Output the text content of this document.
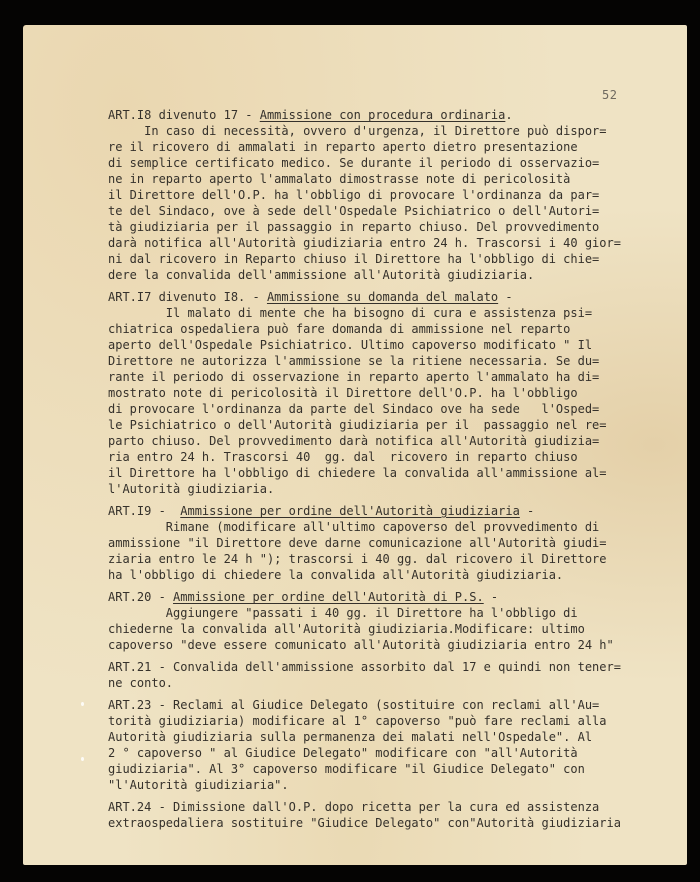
52
ART.I8 divenuto 17 - Ammissione con procedura ordinaria.
In caso di necessità, ovvero d'urgenza, il Direttore può dispor=
re il ricovero di ammalati in reparto aperto dietro presentazione
di semplice certificato medico. Se durante il periodo di osservazio=
ne in reparto aperto l'ammalato dimostrasse note di pericolosità
il Direttore dell'O.P. ha l'obbligo di provocare l'ordinanza da par=
te del Sindaco, ove à sede dell'Ospedale Psichiatrico o dell'Autori=
tà giudiziaria per il passaggio in reparto chiuso. Del provvedimento
darà notifica all'Autorità giudiziaria entro 24 h. Trascorsi i 40 gior=
ni dal ricovero in Reparto chiuso il Direttore ha l'obbligo di chie=
dere la convalida dell'ammissione all'Autorità giudiziaria.
ART.I7 divenuto I8. - Ammissione su domanda del malato -
Il malato di mente che ha bisogno di cura e assistenza psi=
chiatrica ospedaliera può fare domanda di ammissione nel reparto
aperto dell'Ospedale Psichiatrico. Ultimo capoverso modificato " Il
Direttore ne autorizza l'ammissione se la ritiene necessaria. Se du=
rante il periodo di osservazione in reparto aperto l'ammalato ha di=
mostrato note di pericolosità il Direttore dell'O.P. ha l'obbligo
di provocare l'ordinanza da parte del Sindaco ove ha sede   l'Osped=
le Psichiatrico o dell'Autorità giudiziaria per il  passaggio nel re=
parto chiuso. Del provvedimento darà notifica all'Autorità giudizia=
ria entro 24 h. Trascorsi 40  gg. dal  ricovero in reparto chiuso
il Direttore ha l'obbligo di chiedere la convalida all'ammissione al=
l'Autorità giudiziaria.
ART.I9 -  Ammissione per ordine dell'Autorità giudiziaria -
Rimane (modificare all'ultimo capoverso del provvedimento di
ammissione "il Direttore deve darne comunicazione all'Autorità giudi=
ziaria entro le 24 h "); trascorsi i 40 gg. dal ricovero il Direttore
ha l'obbligo di chiedere la convalida all'Autorità giudiziaria.
ART.20 - Ammissione per ordine dell'Autorità di P.S. -
Aggiungere "passati i 40 gg. il Direttore ha l'obbligo di
chiederne la convalida all'Autorità giudiziaria.Modificare: ultimo
capoverso "deve essere comunicato all'Autorità giudiziaria entro 24 h"
ART.21 - Convalida dell'ammissione assorbito dal 17 e quindi non tener=
ne conto.
ART.23 - Reclami al Giudice Delegato (sostituire con reclami all'Au=
torità giudiziaria) modificare al 1° capoverso "può fare reclami alla
Autorità giudiziaria sulla permanenza dei malati nell'Ospedale". Al
2 ° capoverso " al Giudice Delegato" modificare con "all'Autorità
giudiziaria". Al 3° capoverso modificare "il Giudice Delegato" con
"l'Autorità giudiziaria".
ART.24 - Dimissione dall'O.P. dopo ricetta per la cura ed assistenza
extraospedaliera sostituire "Giudice Delegato" con"Autorità giudiziaria
